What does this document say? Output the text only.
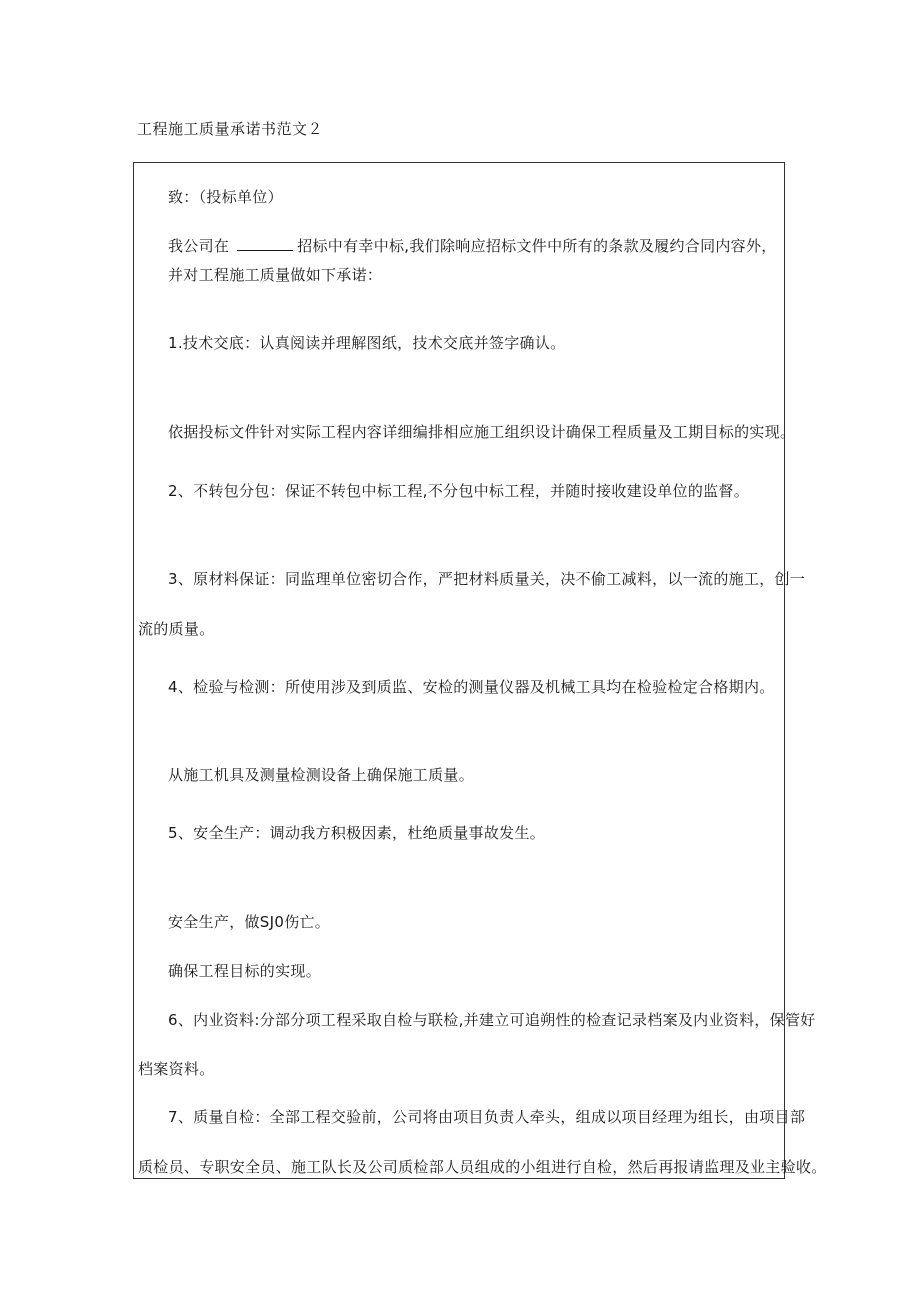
工程施工质量承诺书范文２
致：（投标单位）
我公司在	招标中有幸中标,我们除响应招标文件中所有的条款及履约合同内容外，
并对工程施工质量做如下承诺：
1.技术交底：认真阅读并理解图纸，技术交底并签字确认。
依据投标文件针对实际工程内容详细编排相应施工组织设计确保工程质量及工期目标的实现。
2、不转包分包：保证不转包中标工程,不分包中标工程，并随时接收建设单位的监督。
3、原材料保证：同监理单位密切合作，严把材料质量关，决不偷工减料，以一流的施工，创一
流的质量。
4、检验与检测：所使用涉及到质监、安检的测量仪器及机械工具均在检验检定合格期内。
从施工机具及测量检测设备上确保施工质量。
5、安全生产：调动我方积极因素，杜绝质量事故发生。
安全生产，做SJ0伤亡。
确保工程目标的实现。
6、内业资料:分部分项工程采取自检与联检,并建立可追朔性的检查记录档案及内业资料，保管好
档案资料。
7、质量自检：全部工程交验前，公司将由项目负责人牵头，组成以项目经理为组长，由项目部
质检员、专职安全员、施工队长及公司质检部人员组成的小组进行自检，然后再报请监理及业主验收。
